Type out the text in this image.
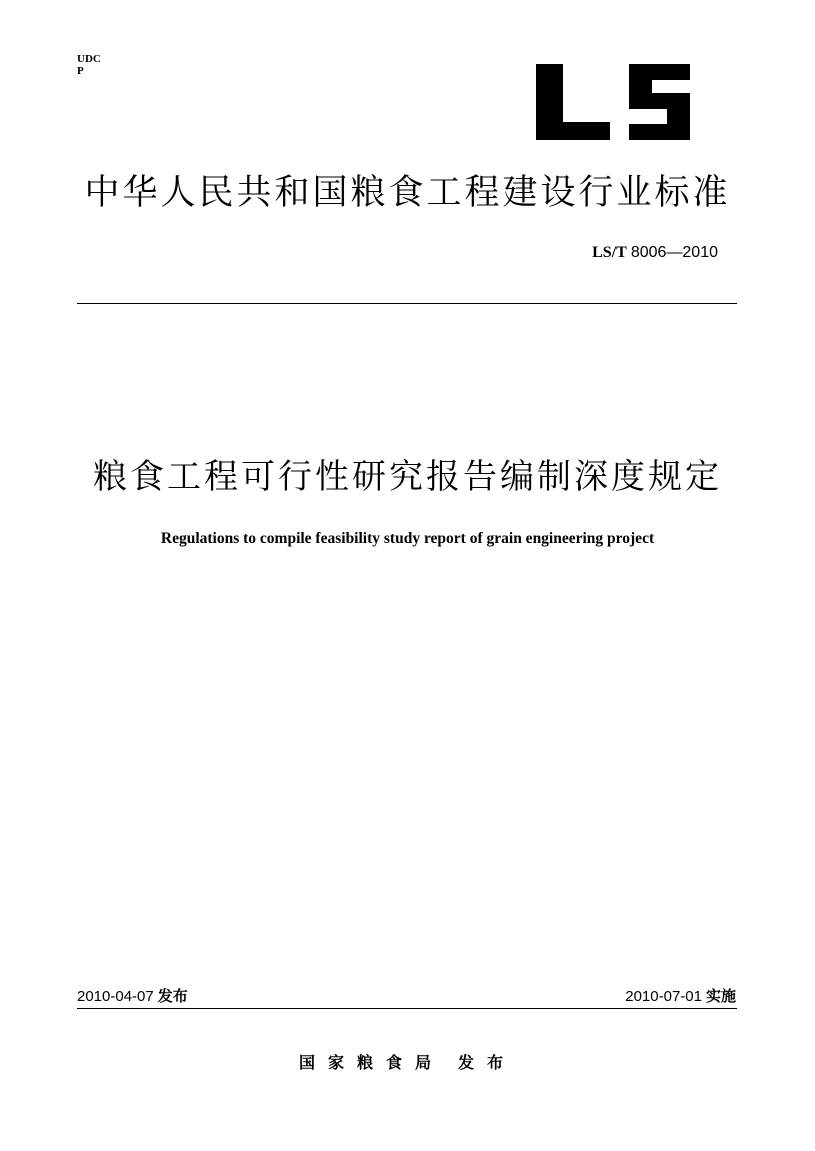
UDC
P
中华人民共和国粮食工程建设行业标准
LS/T 8006—2010
粮食工程可行性研究报告编制深度规定
Regulations to compile feasibility study report of grain engineering project
2010-04-07 发布	2010-07-01 实施
国家粮食局 发布
